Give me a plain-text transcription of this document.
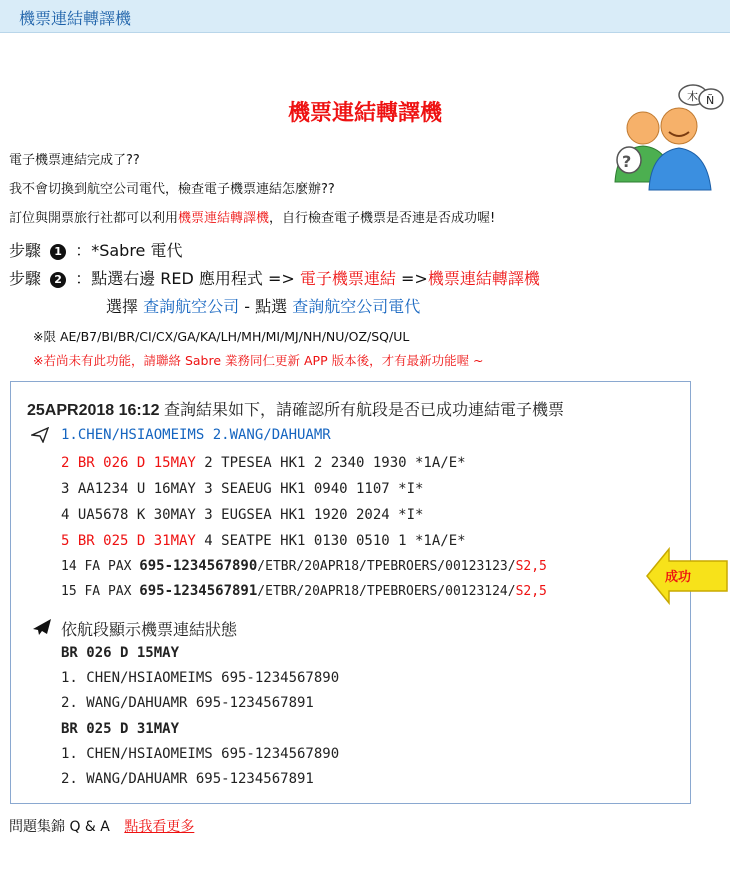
機票連結轉譯機
機票連結轉譯機
木 Ñ
?
電子機票連結完成了??
我不會切換到航空公司電代，檢查電子機票連結怎麼辦??
訂位與開票旅行社都可以利用機票連結轉譯機，自行檢查電子機票是否連是否成功喔!
步驟 1 ：*Sabre 電代
步驟 2 ：點選右邊 RED 應用程式 => 電子機票連結 =>機票連結轉譯機
選擇 查詢航空公司 - 點選 查詢航空公司電代
※限 AE/B7/BI/BR/CI/CX/GA/KA/LH/MH/MI/MJ/NH/NU/OZ/SQ/UL
※若尚未有此功能，請聯絡 Sabre 業務同仁更新 APP 版本後，才有最新功能喔 ~
25APR2018 16:12 查詢結果如下，請確認所有航段是否已成功連結電子機票
1.CHEN/HSIAOMEIMS 2.WANG/DAHUAMR
2 BR 026 D 15MAY 2 TPESEA HK1 2 2340 1930 *1A/E*
3 AA1234 U 16MAY 3 SEAEUG HK1 0940 1107 *I*
4 UA5678 K 30MAY 3 EUGSEA HK1 1920 2024 *I*
5 BR 025 D 31MAY 4 SEATPE HK1 0130 0510 1 *1A/E*
14 FA PAX 695-1234567890/ETBR/20APR18/TPEBROERS/00123123/S2,5
15 FA PAX 695-1234567891/ETBR/20APR18/TPEBROERS/00123124/S2,5
依航段顯示機票連結狀態
BR 026 D 15MAY
1. CHEN/HSIAOMEIMS 695-1234567890
2. WANG/DAHUAMR 695-1234567891
BR 025 D 31MAY
1. CHEN/HSIAOMEIMS 695-1234567890
2. WANG/DAHUAMR 695-1234567891
成功
問題集錦 Q & A 點我看更多
